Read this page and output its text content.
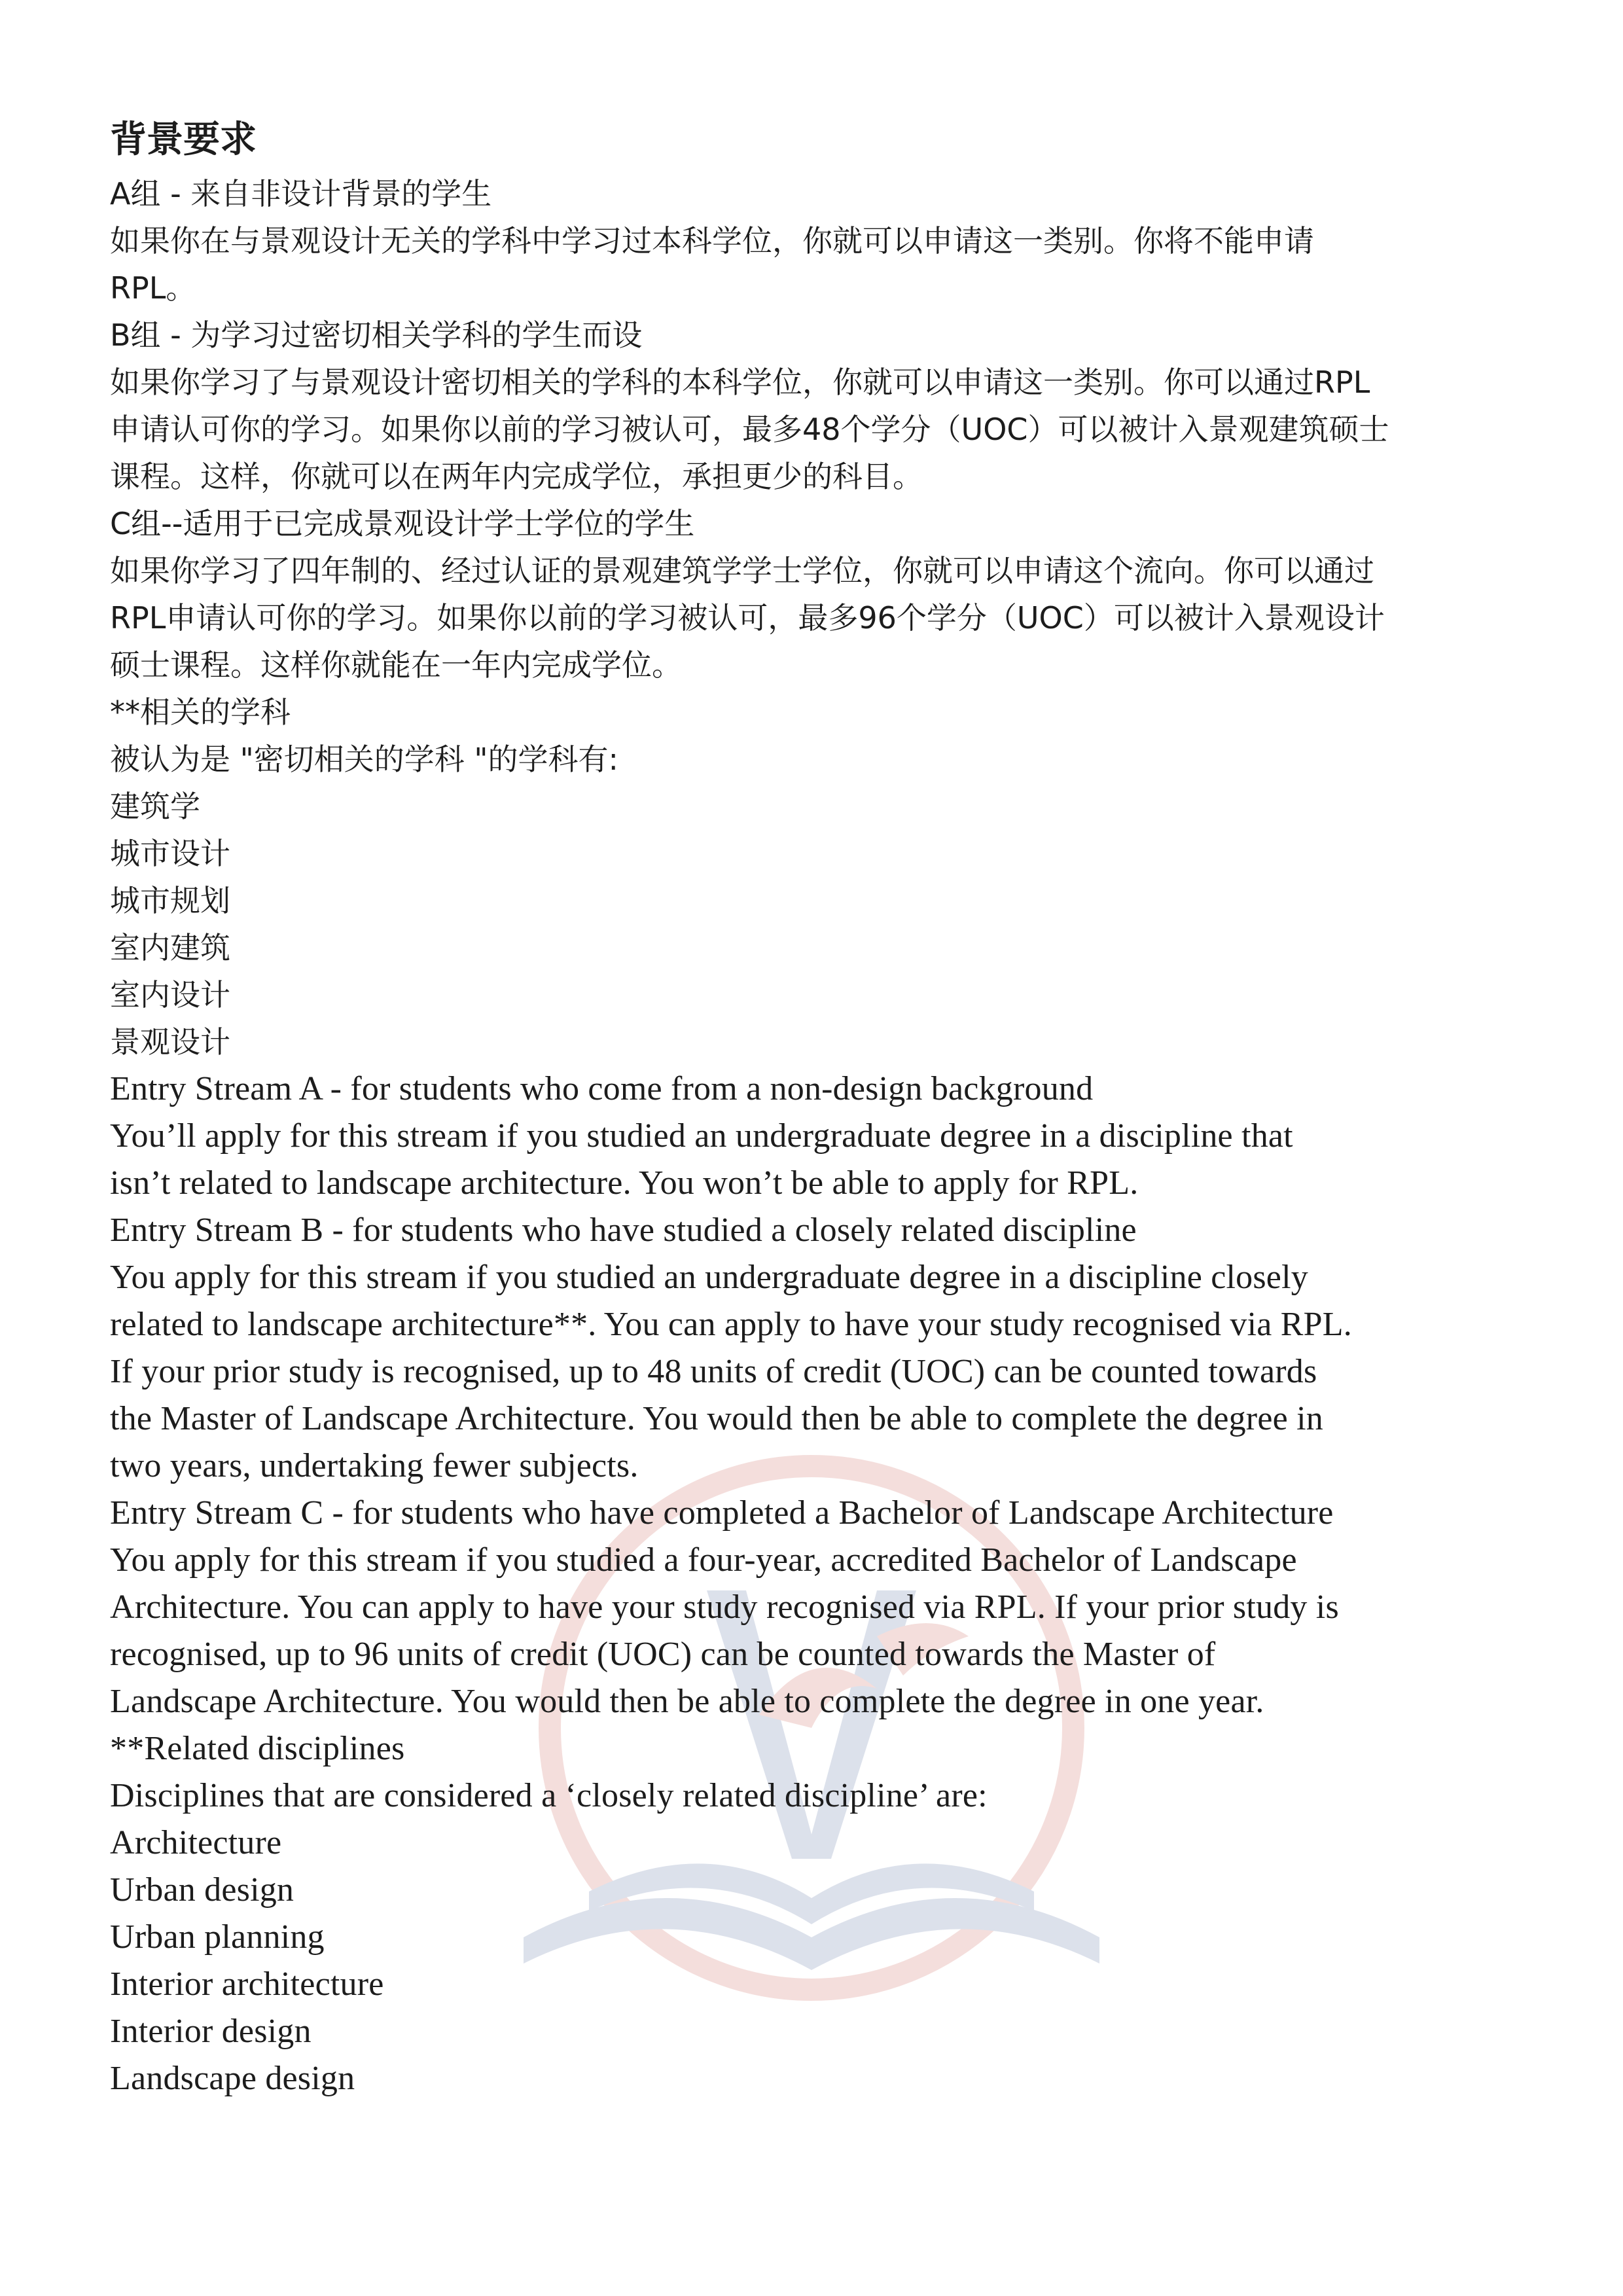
背景要求

A组 - 来自非设计背景的学生

如果你在与景观设计无关的学科中学习过本科学位，你就可以申请这一类别。你将不能申请

RPL。

B组 - 为学习过密切相关学科的学生而设

如果你学习了与景观设计密切相关的学科的本科学位，你就可以申请这一类别。你可以通过RPL

申请认可你的学习。如果你以前的学习被认可，最多48个学分（UOC）可以被计入景观建筑硕士

课程。这样，你就可以在两年内完成学位，承担更少的科目。

C组--适用于已完成景观设计学士学位的学生

如果你学习了四年制的、经过认证的景观建筑学学士学位，你就可以申请这个流向。你可以通过

RPL申请认可你的学习。如果你以前的学习被认可，最多96个学分（UOC）可以被计入景观设计

硕士课程。这样你就能在一年内完成学位。

**相关的学科

被认为是 "密切相关的学科 "的学科有:

建筑学

城市设计

城市规划

室内建筑

室内设计

景观设计

Entry Stream A - for students who come from a non-design background

You’ll apply for this stream if you studied an undergraduate degree in a discipline that

isn’t related to landscape architecture. You won’t be able to apply for RPL.

Entry Stream B - for students who have studied a closely related discipline

You apply for this stream if you studied an undergraduate degree in a discipline closely

related to landscape architecture**. You can apply to have your study recognised via RPL.

If your prior study is recognised, up to 48 units of credit (UOC) can be counted towards

the Master of Landscape Architecture. You would then be able to complete the degree in

two years, undertaking fewer subjects.

Entry Stream C - for students who have completed a Bachelor of Landscape Architecture

You apply for this stream if you studied a four-year, accredited Bachelor of Landscape

Architecture. You can apply to have your study recognised via RPL. If your prior study is

recognised, up to 96 units of credit (UOC) can be counted towards the Master of

Landscape Architecture. You would then be able to complete the degree in one year.

**Related disciplines

Disciplines that are considered a ‘closely related discipline’ are:

Architecture

Urban design

Urban planning

Interior architecture

Interior design

Landscape design
